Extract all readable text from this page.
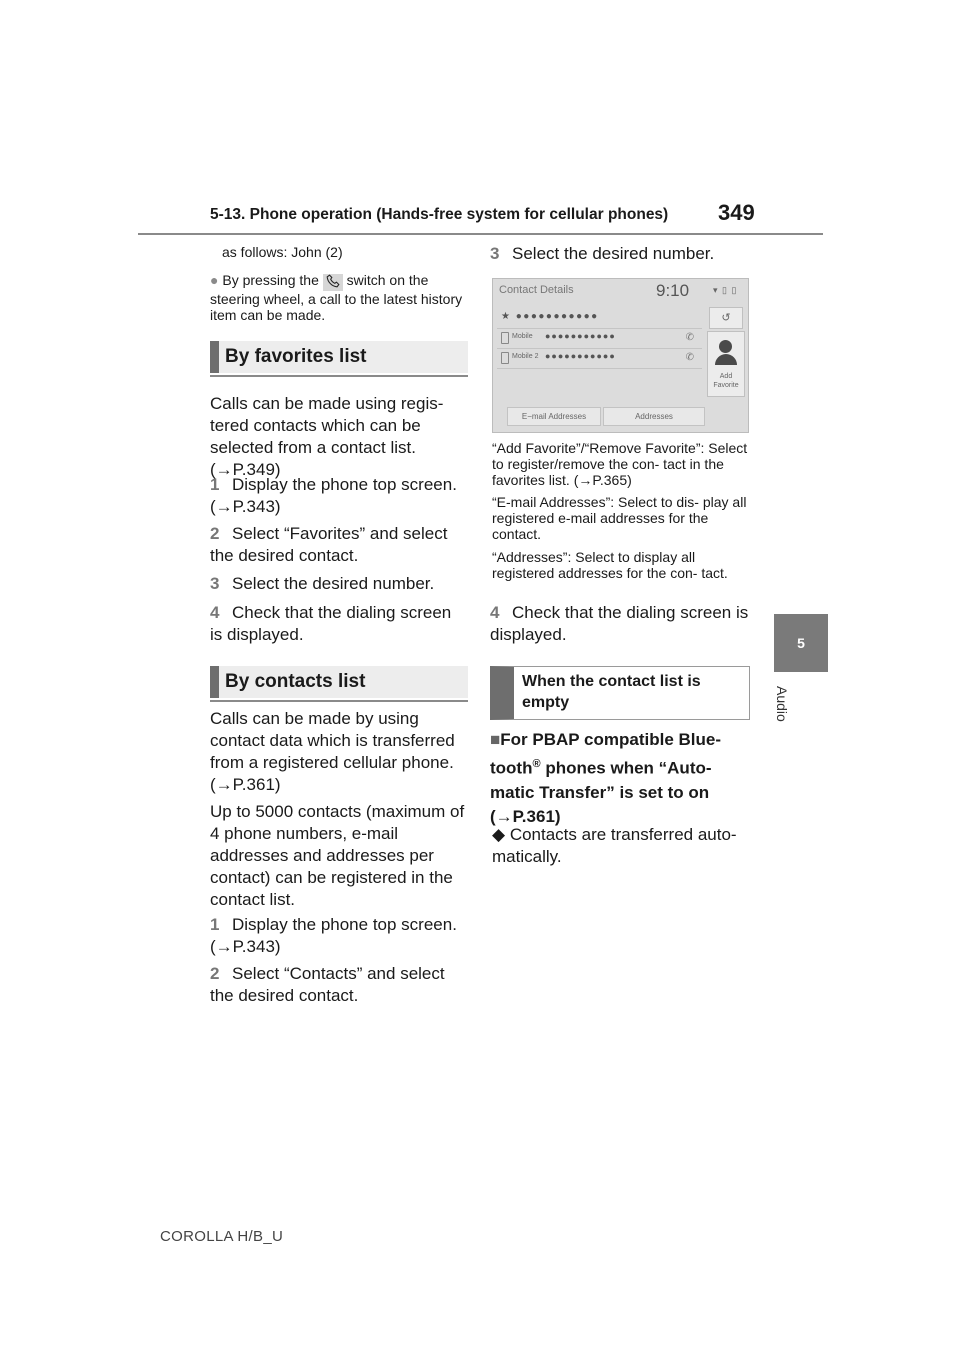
5-13. Phone operation (Hands-free system for cellular phones) 349
5
Audio
as follows: John (2)
● By pressing the switch on the steering wheel, a call to the latest history item can be made.
By favorites list
Calls can be made using regis- tered contacts which can be selected from a contact list. (→P.349)
1 Display the phone top screen. (→P.343)
2 Select “Favorites” and select the desired contact.
3 Select the desired number.
4 Check that the dialing screen is displayed.
By contacts list
Calls can be made by using contact data which is transferred from a registered cellular phone. (→P.361)
Up to 5000 contacts (maximum of 4 phone numbers, e-mail addresses and addresses per contact) can be registered in the contact list.
1 Display the phone top screen. (→P.343)
2 Select “Contacts” and select the desired contact.
3 Select the desired number.
Contact Details	9:10	▾ ▯ ▯
★ ●●●●●●●●●●●
Mobile ●●●●●●●●●●●	✆
Mobile 2 ●●●●●●●●●●●	✆
↺
Add Favorite
E−mail Addresses	Addresses
“Add Favorite”/“Remove Favorite”: Select to register/remove the con- tact in the favorites list. (→P.365)
“E-mail Addresses”: Select to dis- play all registered e-mail addresses for the contact.
“Addresses”: Select to display all registered addresses for the con- tact.
4 Check that the dialing screen is displayed.
When the contact list is empty
■For PBAP compatible Blue- tooth® phones when “Auto- matic Transfer” is set to on (→P.361)
◆ Contacts are transferred auto- matically.
COROLLA H/B_U
